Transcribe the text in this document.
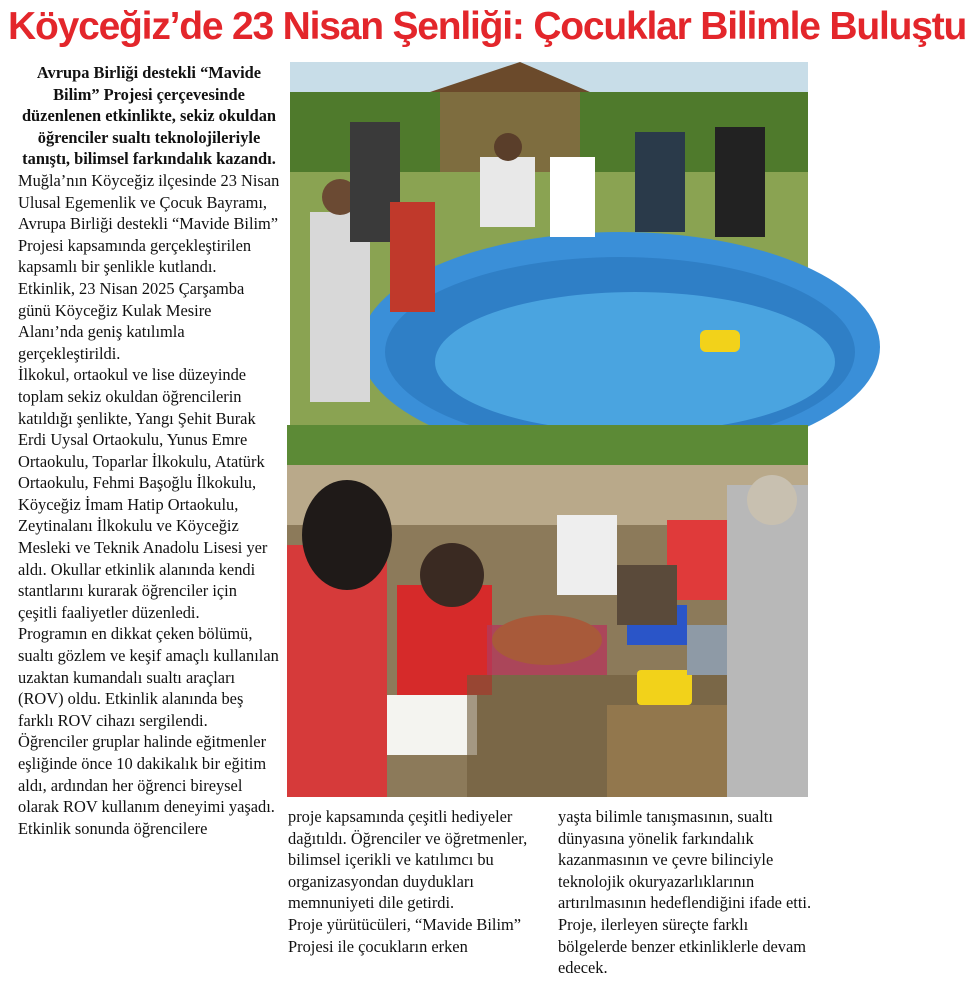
Köyceğiz’de 23 Nisan Şenliği: Çocuklar Bilimle Buluştu

Avrupa Birliği destekli “Mavide Bilim” Projesi çerçevesinde düzenlenen etkinlikte, sekiz okuldan öğrenciler sualtı teknolojileriyle tanıştı, bilimsel farkındalık kazandı.

Muğla’nın Köyceğiz ilçesinde 23 Nisan Ulusal Egemenlik ve Çocuk Bayramı, Avrupa Birliği destekli “Mavide Bilim” Projesi kapsamında gerçekleştirilen kapsamlı bir şenlikle kutlandı.

Etkinlik, 23 Nisan 2025 Çarşamba günü Köyceğiz Kulak Mesire Alanı’nda geniş katılımla gerçekleştirildi.

İlkokul, ortaokul ve lise düzeyinde toplam sekiz okuldan öğrencilerin katıldığı şenlikte, Yangı Şehit Burak Erdi Uysal Ortaokulu, Yunus Emre Ortaokulu, Toparlar İlkokulu, Atatürk Ortaokulu, Fehmi Başoğlu İlkokulu, Köyceğiz İmam Hatip Ortaokulu, Zeytinalanı İlkokulu ve Köyceğiz Mesleki ve Teknik Anadolu Lisesi yer aldı. Okullar etkinlik alanında kendi stantlarını kurarak öğrenciler için çeşitli faaliyetler düzenledi.

Programın en dikkat çeken bölümü, sualtı gözlem ve keşif amaçlı kullanılan uzaktan kumandalı sualtı araçları (ROV) oldu. Etkinlik alanında beş farklı ROV cihazı sergilendi. Öğrenciler gruplar halinde eğitmenler eşliğinde önce 10 dakikalık bir eğitim aldı, ardından her öğrenci bireysel olarak ROV kullanım deneyimi yaşadı.

Etkinlik sonunda öğrencilere

proje kapsamında çeşitli hediyeler dağıtıldı. Öğrenciler ve öğretmenler, bilimsel içerikli ve katılımcı bu organizasyondan duydukları memnuniyeti dile getirdi.

Proje yürütücüleri, “Mavide Bilim” Projesi ile çocukların erken

yaşta bilimle tanışmasının, sualtı dünyasına yönelik farkındalık kazanmasının ve çevre bilinciyle teknolojik okuryazarlıklarının artırılmasının hedeflendiğini ifade etti. Proje, ilerleyen süreçte farklı bölgelerde benzer etkinliklerle devam edecek.
